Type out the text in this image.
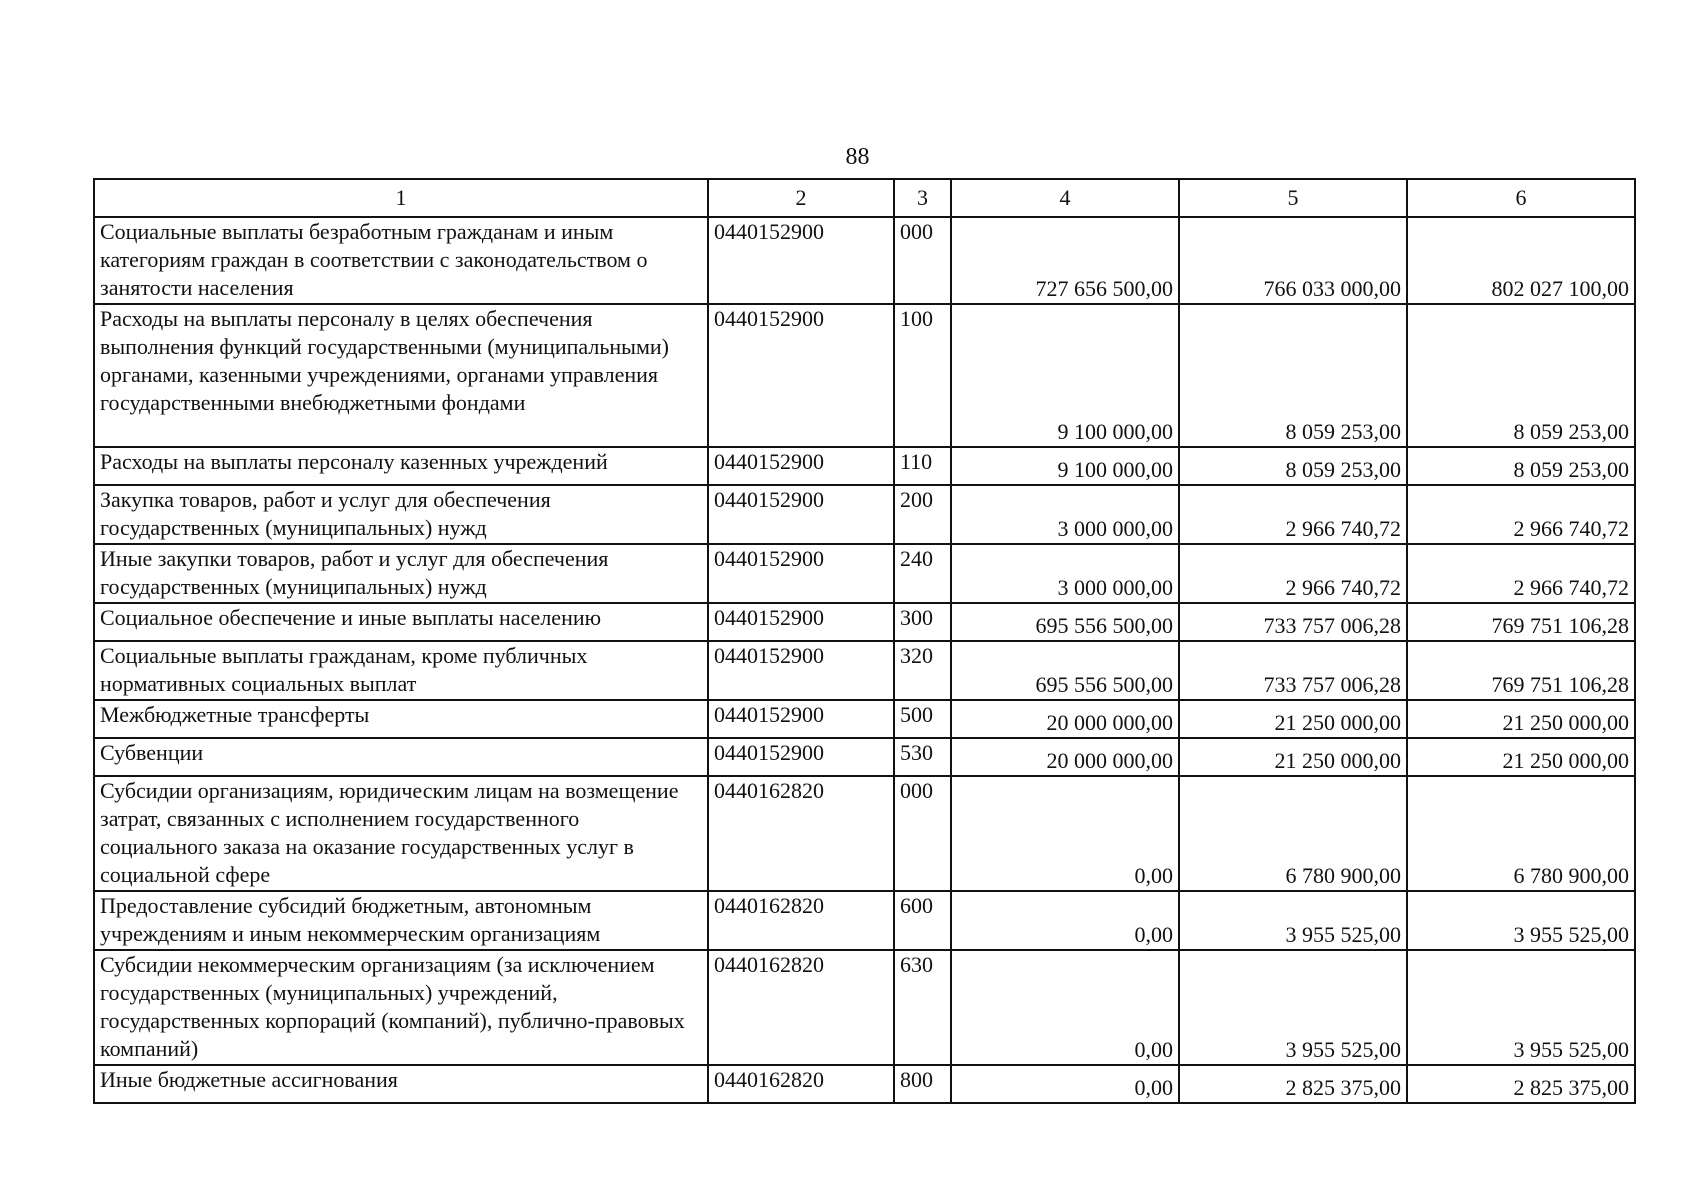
88
1	2	3	4	5	6
Социальные выплаты безработным гражданам и иным категориям граждан в соответствии с законодательством о занятости населения	0440152900	000	727 656 500,00	766 033 000,00	802 027 100,00
Расходы на выплаты персоналу в целях обеспечения выполнения функций государственными (муниципальными) органами, казенными учреждениями, органами управления государственными внебюджетными фондами	0440152900	100	9 100 000,00	8 059 253,00	8 059 253,00
Расходы на выплаты персоналу казенных учреждений	0440152900	110	9 100 000,00	8 059 253,00	8 059 253,00
Закупка товаров, работ и услуг для обеспечения государственных (муниципальных) нужд	0440152900	200	3 000 000,00	2 966 740,72	2 966 740,72
Иные закупки товаров, работ и услуг для обеспечения государственных (муниципальных) нужд	0440152900	240	3 000 000,00	2 966 740,72	2 966 740,72
Социальное обеспечение и иные выплаты населению	0440152900	300	695 556 500,00	733 757 006,28	769 751 106,28
Социальные выплаты гражданам, кроме публичных нормативных социальных выплат	0440152900	320	695 556 500,00	733 757 006,28	769 751 106,28
Межбюджетные трансферты	0440152900	500	20 000 000,00	21 250 000,00	21 250 000,00
Субвенции	0440152900	530	20 000 000,00	21 250 000,00	21 250 000,00
Субсидии организациям, юридическим лицам на возмещение затрат, связанных с исполнением государственного социального заказа на оказание государственных услуг в социальной сфере	0440162820	000	0,00	6 780 900,00	6 780 900,00
Предоставление субсидий бюджетным, автономным учреждениям и иным некоммерческим организациям	0440162820	600	0,00	3 955 525,00	3 955 525,00
Субсидии некоммерческим организациям (за исключением государственных (муниципальных) учреждений, государственных корпораций (компаний), публично-правовых компаний)	0440162820	630	0,00	3 955 525,00	3 955 525,00
Иные бюджетные ассигнования	0440162820	800	0,00	2 825 375,00	2 825 375,00
